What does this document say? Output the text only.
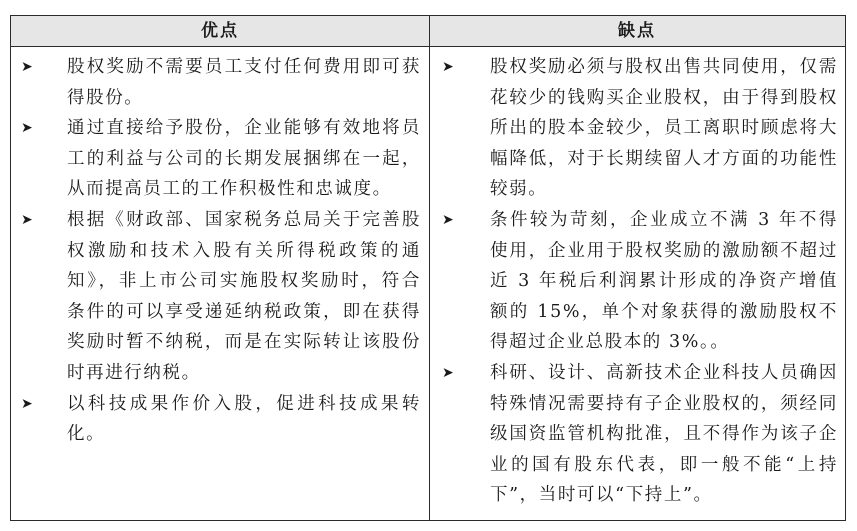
优点	缺点
➤ 股权奖励不需要员工支付任何费用即可获得股份。
➤ 通过直接给予股份，企业能够有效地将员工的利益与公司的长期发展捆绑在一起，从而提高员工的工作积极性和忠诚度。
➤ 根据《财政部、国家税务总局关于完善股权激励和技术入股有关所得税政策的通知》，非上市公司实施股权奖励时，符合条件的可以享受递延纳税政策，即在获得奖励时暂不纳税，而是在实际转让该股份时再进行纳税。
➤ 以科技成果作价入股，促进科技成果转化。
➤ 股权奖励必须与股权出售共同使用，仅需花较少的钱购买企业股权，由于得到股权所出的股本金较少，员工离职时顾虑将大幅降低，对于长期续留人才方面的功能性较弱。
➤ 条件较为苛刻，企业成立不满 3 年不得使用，企业用于股权奖励的激励额不超过近 3 年税后利润累计形成的净资产增值额的 15%，单个对象获得的激励股权不得超过企业总股本的 3%。。
➤ 科研、设计、高新技术企业科技人员确因特殊情况需要持有子企业股权的，须经同级国资监管机构批准，且不得作为该子企业的国有股东代表，即一般不能“上持下”，当时可以“下持上”。
